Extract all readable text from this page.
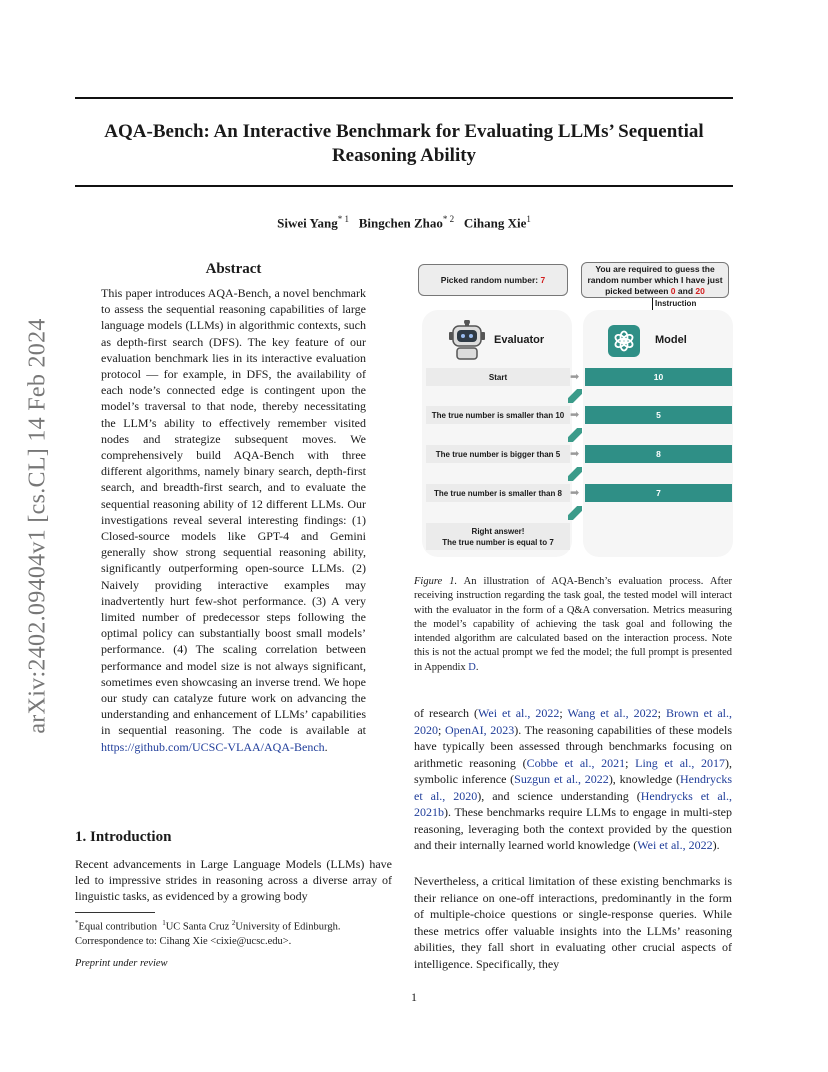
AQA-Bench: An Interactive Benchmark for Evaluating LLMs’ Sequential Reasoning Ability
Siwei Yang$^{* 1}$ Bingchen Zhao$^{* 2}$ Cihang Xie$^1$
arXiv:2402.09404v1 [cs.CL] 14 Feb 2024
Abstract
This paper introduces AQA-Bench, a novel benchmark to assess the sequential reasoning capabilities of large language models (LLMs) in algorithmic contexts, such as depth-first search (DFS). The key feature of our evaluation benchmark lies in its interactive evaluation protocol — for example, in DFS, the availability of each node’s connected edge is contingent upon the model’s traversal to that node, thereby necessitating the LLM’s ability to effectively remember visited nodes and strategize subsequent moves. We comprehensively build AQA-Bench with three different algorithms, namely binary search, depth-first search, and breadth-first search, and to evaluate the sequential reasoning ability of 12 different LLMs. Our investigations reveal several interesting findings: (1) Closed-source models like GPT-4 and Gemini generally show strong sequential reasoning ability, significantly outperforming open-source LLMs. (2) Naively providing interactive examples may inadvertently hurt few-shot performance. (3) A very limited number of predecessor steps following the optimal policy can substantially boost small models’ performance. (4) The scaling correlation between performance and model size is not always significant, sometimes even showcasing an inverse trend. We hope our study can catalyze future work on advancing the understanding and enhancement of LLMs’ capabilities in sequential reasoning. The code is available at https://github.com/UCSC-VLAA/AQA-Bench.
1. Introduction
Recent advancements in Large Language Models (LLMs) have led to impressive strides in reasoning across a diverse array of linguistic tasks, as evidenced by a growing body
*Equal contribution $^1$UC Santa Cruz $^2$University of Edinburgh.
Correspondence to: Cihang Xie <cixie@ucsc.edu>.
Preprint under review
1
Picked random number:
7
You are required to guess the random number which I have just picked between 0 and 20
Instruction
Evaluator	Model
Start	➡	10
The true number is smaller than 10 ➡	5
The true number is bigger than 5 ➡	8
The true number is smaller than 8 ➡	7
Right answer!
The true number is equal to 7
Figure 1. An illustration of AQA-Bench’s evaluation process. After receiving instruction regarding the task goal, the tested model will interact with the evaluator in the form of a Q&A conversation. Metrics measuring the model’s capability of achieving the task goal and following the intended algorithm are calculated based on the interaction process. Note this is not the actual prompt we fed the model; the full prompt is presented in Appendix D.
of research (Wei et al., 2022; Wang et al., 2022; Brown et al., 2020; OpenAI, 2023). The reasoning capabilities of these models have typically been assessed through benchmarks focusing on arithmetic reasoning (Cobbe et al., 2021; Ling et al., 2017), symbolic inference (Suzgun et al., 2022), knowledge (Hendrycks et al., 2020), and science understanding (Hendrycks et al., 2021b). These benchmarks require LLMs to engage in multi-step reasoning, leveraging both the context provided by the question and their internally learned world knowledge (Wei et al., 2022).
Nevertheless, a critical limitation of these existing benchmarks is their reliance on one-off interactions, predominantly in the form of multiple-choice questions or single-response queries. While these metrics offer valuable insights into the LLMs’ reasoning abilities, they fall short in evaluating other crucial aspects of intelligence. Specifically, they
